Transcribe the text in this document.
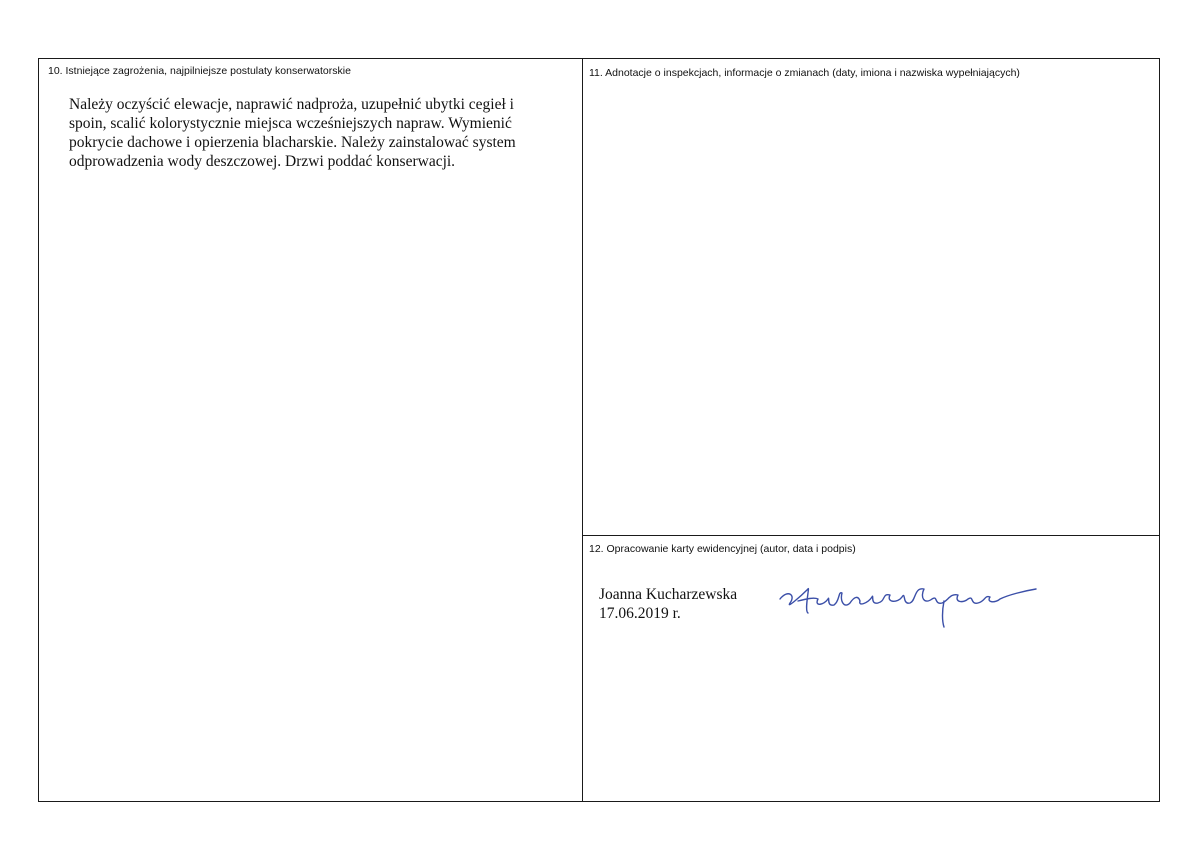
10. Istniejące zagrożenia, najpilniejsze postulaty konserwatorskie

Należy oczyścić elewacje, naprawić nadproża, uzupełnić ubytki cegieł i

spoin, scalić kolorystycznie miejsca wcześniejszych napraw. Wymienić

pokrycie dachowe i opierzenia blacharskie. Należy zainstalować system

odprowadzenia wody deszczowej. Drzwi poddać konserwacji.

11. Adnotacje o inspekcjach, informacje o zmianach (daty, imiona i nazwiska wypełniających)
12. Opracowanie karty ewidencyjnej (autor, data i podpis)
Joanna Kucharzewska
17.06.2019 r.
